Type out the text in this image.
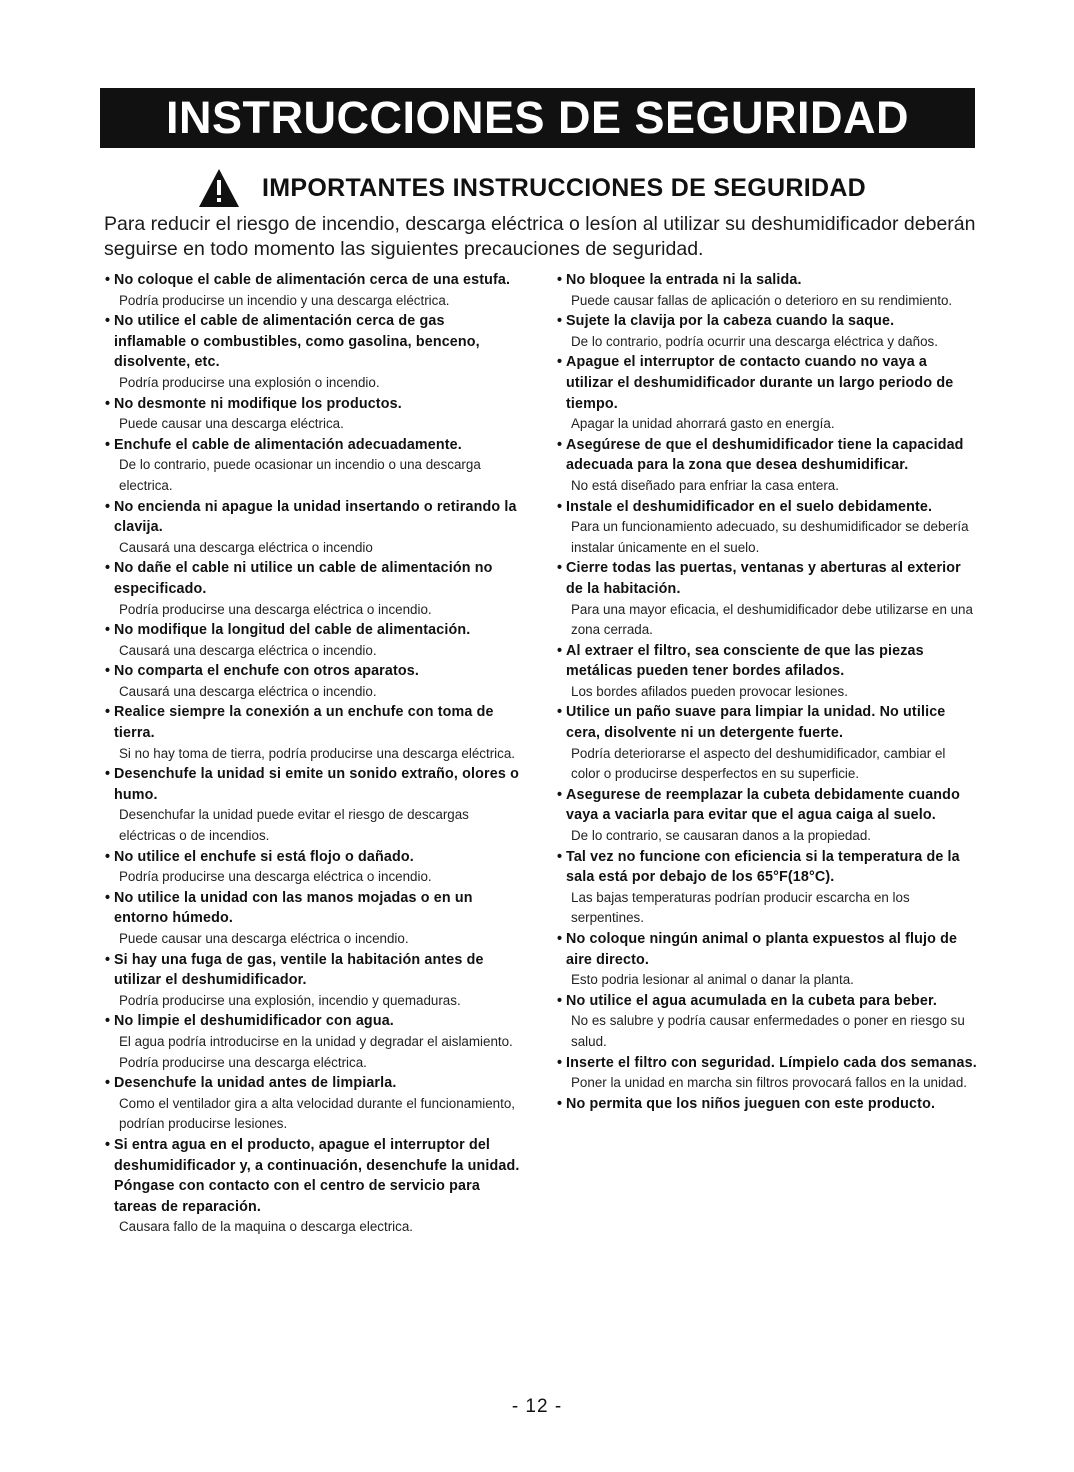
INSTRUCCIONES DE SEGURIDAD
IMPORTANTES INSTRUCCIONES DE SEGURIDAD
Para reducir el riesgo de incendio, descarga eléctrica o lesíon al utilizar su deshumidificador deberán seguirse en todo momento las siguientes precauciones de seguridad.
• No coloque el cable de alimentación cerca de una estufa.
Podría producirse un incendio y una descarga eléctrica.
• No utilice el cable de alimentación cerca de gas inflamable o combustibles, como gasolina, benceno, disolvente, etc.
Podría producirse una explosión o incendio.
• No desmonte ni modifique los productos.
Puede causar una descarga eléctrica.
• Enchufe el cable de alimentación adecuadamente.
De lo contrario, puede ocasionar un incendio o una descarga electrica.
• No encienda ni apague la unidad insertando o retirando la clavija.
Causará una descarga eléctrica o incendio
• No dañe el cable ni utilice un cable de alimentación no especificado.
Podría producirse una descarga eléctrica o incendio.
• No modifique la longitud del cable de alimentación.
Causará una descarga eléctrica o incendio.
• No comparta el enchufe con otros aparatos.
Causará una descarga eléctrica o incendio.
• Realice siempre la conexión a un enchufe con toma de tierra.
Si no hay toma de tierra, podría producirse una descarga eléctrica.
• Desenchufe la unidad si emite un sonido extraño, olores o humo.
Desenchufar la unidad puede evitar el riesgo de descargas eléctricas o de incendios.
• No utilice el enchufe si está flojo o dañado.
Podría producirse una descarga eléctrica o incendio.
• No utilice la unidad con las manos mojadas o en un entorno húmedo.
Puede causar una descarga eléctrica o incendio.
• Si hay una fuga de gas, ventile la habitación antes de utilizar el deshumidificador.
Podría producirse una explosión, incendio y quemaduras.
• No limpie el deshumidificador con agua.
El agua podría introducirse en la unidad y degradar el aislamiento. Podría producirse una descarga eléctrica.
• Desenchufe la unidad antes de limpiarla.
Como el ventilador gira a alta velocidad durante el funcionamiento, podrían producirse lesiones.
• Si entra agua en el producto, apague el interruptor del deshumidificador y, a continuación, desenchufe la unidad. Póngase con contacto con el centro de servicio para tareas de reparación.
Causara fallo de la maquina o descarga electrica.
• No bloquee la entrada ni la salida.
Puede causar fallas de aplicación o deterioro en su rendimiento.
• Sujete la clavija por la cabeza cuando la saque.
De lo contrario, podría ocurrir una descarga eléctrica y daños.
• Apague el interruptor de contacto cuando no vaya a utilizar el deshumidificador durante un largo periodo de tiempo.
Apagar la unidad ahorrará gasto en energía.
• Asegúrese de que el deshumidificador tiene la capacidad adecuada para la zona que desea deshumidificar.
No está diseñado para enfriar la casa entera.
• Instale el deshumidificador en el suelo debidamente.
Para un funcionamiento adecuado, su deshumidificador se debería instalar únicamente en el suelo.
• Cierre todas las puertas, ventanas y aberturas al exterior de la habitación.
Para una mayor eficacia, el deshumidificador debe utilizarse en una zona cerrada.
• Al extraer el filtro, sea consciente de que las piezas metálicas pueden tener bordes afilados.
Los bordes afilados pueden provocar lesiones.
• Utilice un paño suave para limpiar la unidad. No utilice cera, disolvente ni un detergente fuerte.
Podría deteriorarse el aspecto del deshumidificador, cambiar el color o producirse desperfectos en su superficie.
• Asegurese de reemplazar la cubeta debidamente cuando vaya a vaciarla para evitar que el agua caiga al suelo.
De lo contrario, se causaran danos a la propiedad.
• Tal vez no funcione con eficiencia si la temperatura de la sala está por debajo de los 65°F(18°C).
Las bajas temperaturas podrían producir escarcha en los serpentines.
• No coloque ningún animal o planta expuestos al flujo de aire directo.
Esto podria lesionar al animal o danar la planta.
• No utilice el agua acumulada en la cubeta para beber.
No es salubre y podría causar enfermedades o poner en riesgo su salud.
• Inserte el filtro con seguridad. Límpielo cada dos semanas.
Poner la unidad en marcha sin filtros provocará fallos en la unidad.
• No permita que los niños jueguen con este producto.
- 12 -
